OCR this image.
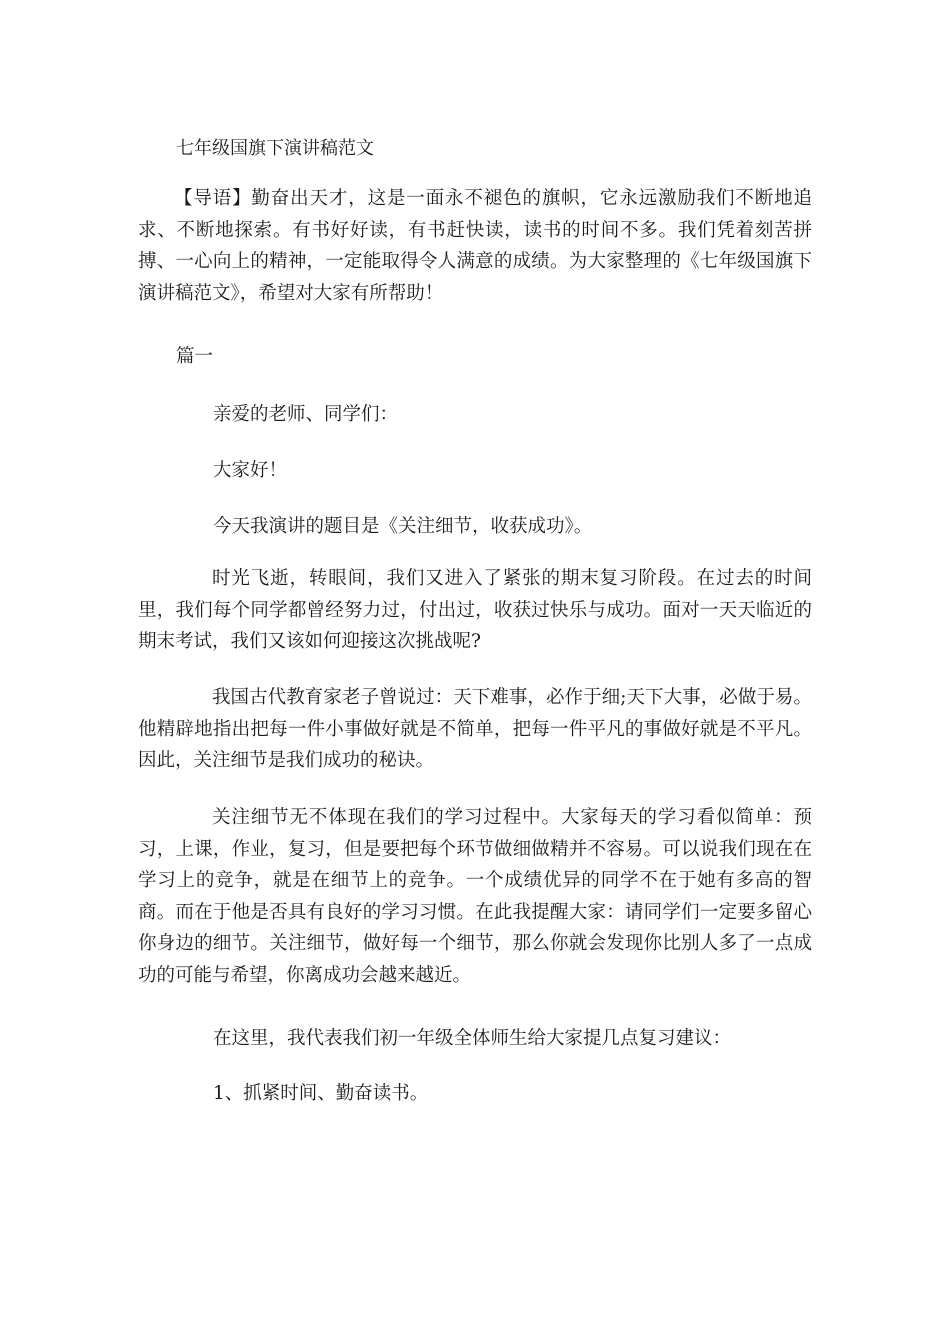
七年级国旗下演讲稿范文

【导语】勤奋出天才，这是一面永不褪色的旗帜，它永远激励我们不断地追求、不断地探索。有书好好读，有书赶快读，读书的时间不多。我们凭着刻苦拼搏、一心向上的精神，一定能取得令人满意的成绩。为大家整理的《七年级国旗下演讲稿范文》，希望对大家有所帮助！

篇一
亲爱的老师、同学们：
大家好！
今天我演讲的题目是《关注细节，收获成功》。

时光飞逝，转眼间，我们又进入了紧张的期末复习阶段。在过去的时间里，我们每个同学都曾经努力过，付出过，收获过快乐与成功。面对一天天临近的期末考试，我们又该如何迎接这次挑战呢?

我国古代教育家老子曾说过：天下难事，必作于细;天下大事，必做于易。他精辟地指出把每一件小事做好就是不简单，把每一件平凡的事做好就是不平凡。因此，关注细节是我们成功的秘诀。

关注细节无不体现在我们的学习过程中。大家每天的学习看似简单：预习，上课，作业，复习，但是要把每个环节做细做精并不容易。可以说我们现在在学习上的竞争，就是在细节上的竞争。一个成绩优异的同学不在于她有多高的智商。而在于他是否具有良好的学习习惯。在此我提醒大家：请同学们一定要多留心你身边的细节。关注细节，做好每一个细节，那么你就会发现你比别人多了一点成功的可能与希望，你离成功会越来越近。

在这里，我代表我们初一年级全体师生给大家提几点复习建议：
1、抓紧时间、勤奋读书。
